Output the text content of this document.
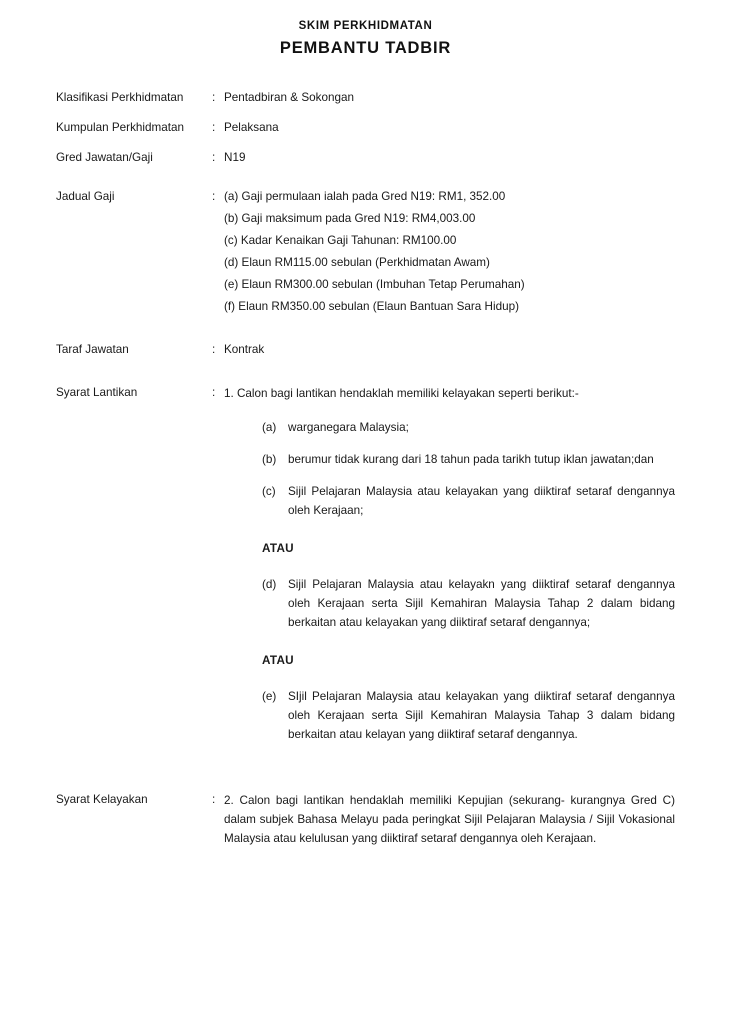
SKIM PERKHIDMATAN
PEMBANTU TADBIR
Klasifikasi Perkhidmatan	: Pentadbiran & Sokongan
Kumpulan Perkhidmatan	: Pelaksana
Gred Jawatan/Gaji	: N19
Jadual Gaji	: (a) Gaji permulaan ialah pada Gred N19: RM1, 352.00
(b) Gaji maksimum pada Gred N19: RM4,003.00
(c) Kadar Kenaikan Gaji Tahunan: RM100.00
(d) Elaun RM115.00 sebulan (Perkhidmatan Awam)
(e) Elaun RM300.00 sebulan (Imbuhan Tetap Perumahan)
(f) Elaun RM350.00 sebulan (Elaun Bantuan Sara Hidup)
Taraf Jawatan	: Kontrak
Syarat Lantikan	: 1. Calon bagi lantikan hendaklah memiliki kelayakan seperti berikut:-
(a)	warganegara Malaysia;
(b)	berumur tidak kurang dari 18 tahun pada tarikh tutup iklan jawatan;dan
(c)	Sijil Pelajaran Malaysia atau kelayakan yang diiktiraf setaraf dengannya oleh Kerajaan;
ATAU
(d)	Sijil Pelajaran Malaysia atau kelayakn yang diiktiraf setaraf dengannya oleh Kerajaan serta Sijil Kemahiran Malaysia Tahap 2 dalam bidang berkaitan atau kelayakan yang diiktiraf setaraf dengannya;
ATAU
(e)	SIjil Pelajaran Malaysia atau kelayakan yang diiktiraf setaraf dengannya oleh Kerajaan serta Sijil Kemahiran Malaysia Tahap 3 dalam bidang berkaitan atau kelayan yang diiktiraf setaraf dengannya.
Syarat Kelayakan	: 2. Calon bagi lantikan hendaklah memiliki Kepujian (sekurang- kurangnya Gred C) dalam subjek Bahasa Melayu pada peringkat Sijil Pelajaran Malaysia / Sijil Vokasional Malaysia atau kelulusan yang diiktiraf setaraf dengannya oleh Kerajaan.
